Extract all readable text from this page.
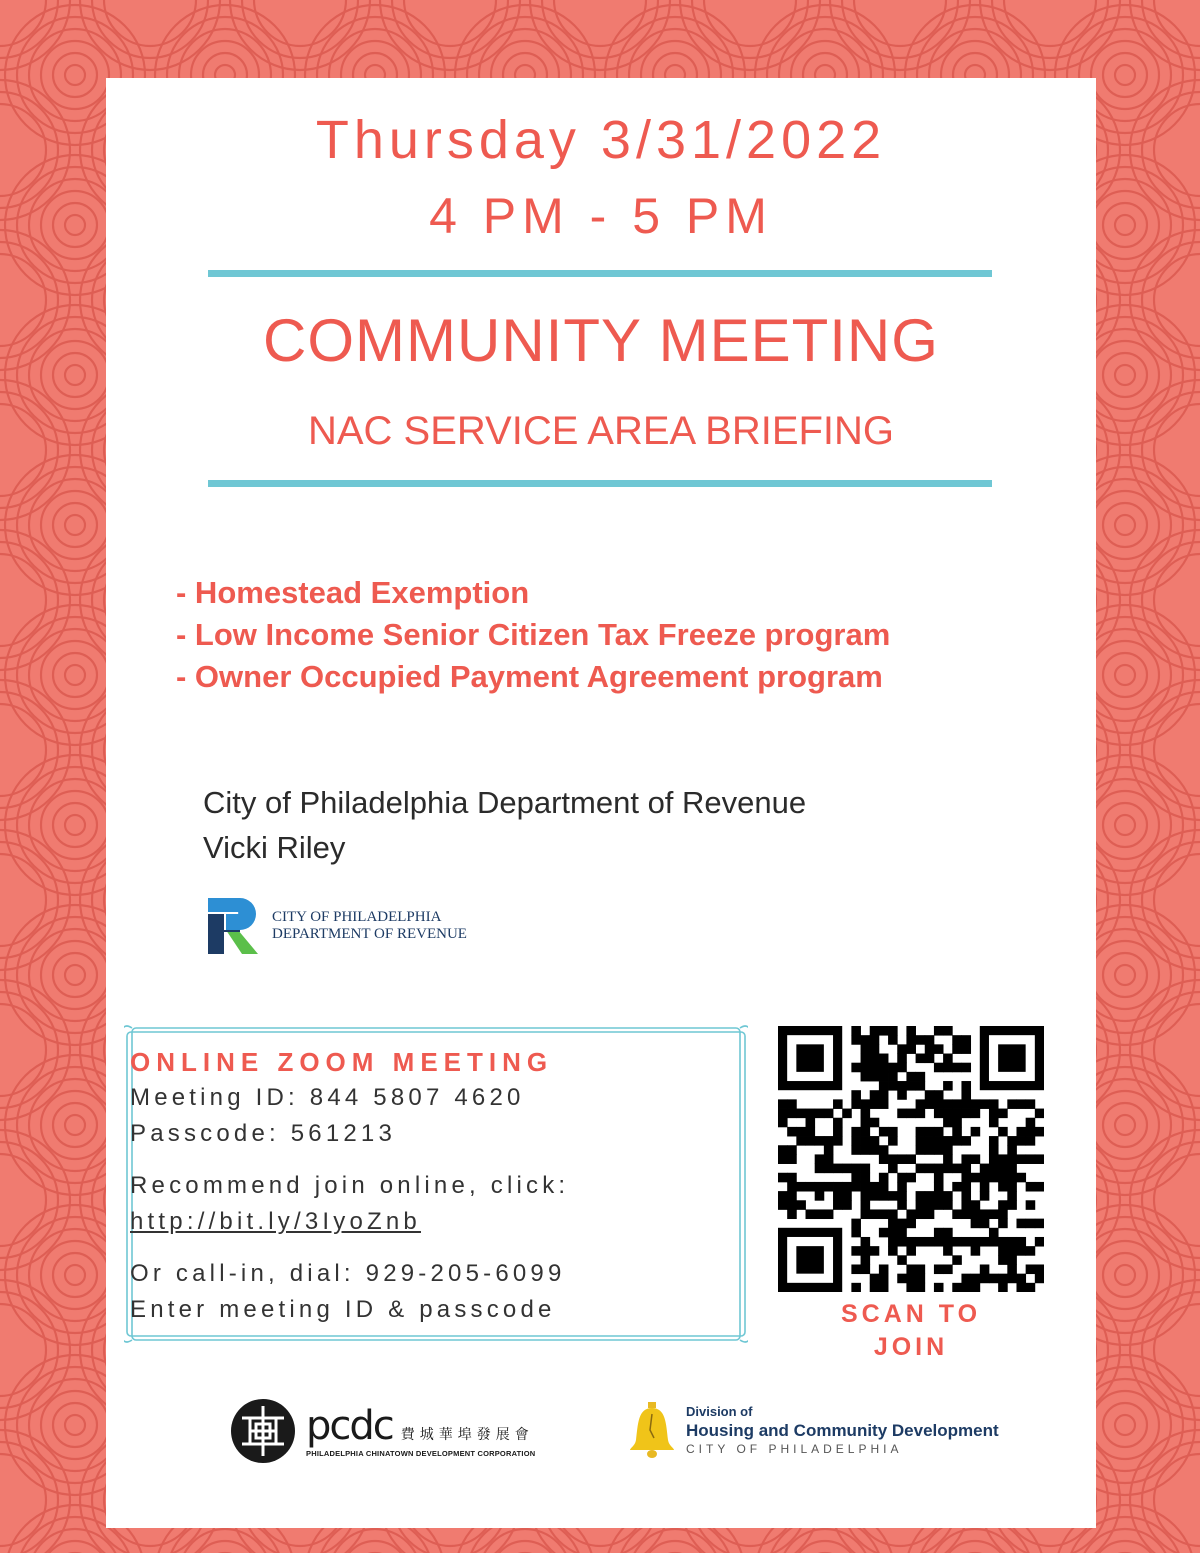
Thursday 3/31/2022
4 PM - 5 PM
COMMUNITY MEETING
NAC SERVICE AREA BRIEFING
- Homestead Exemption
- Low Income Senior Citizen Tax Freeze program
- Owner Occupied Payment Agreement program
City of Philadelphia Department of Revenue
Vicki Riley
CITY OF PHILADELPHIA
DEPARTMENT OF REVENUE
ONLINE ZOOM MEETING
Meeting ID: 844 5807 4620
Passcode: 561213
Recommend join online, click:
http://bit.ly/3IyoZnb
Or call-in, dial: 929-205-6099
Enter meeting ID & passcode	SCAN TO
JOIN
pcdc 費城華埠發展會
PHILADELPHIA CHINATOWN DEVELOPMENT CORPORATION
Division of
Housing and Community Development
CITY OF PHILADELPHIA
